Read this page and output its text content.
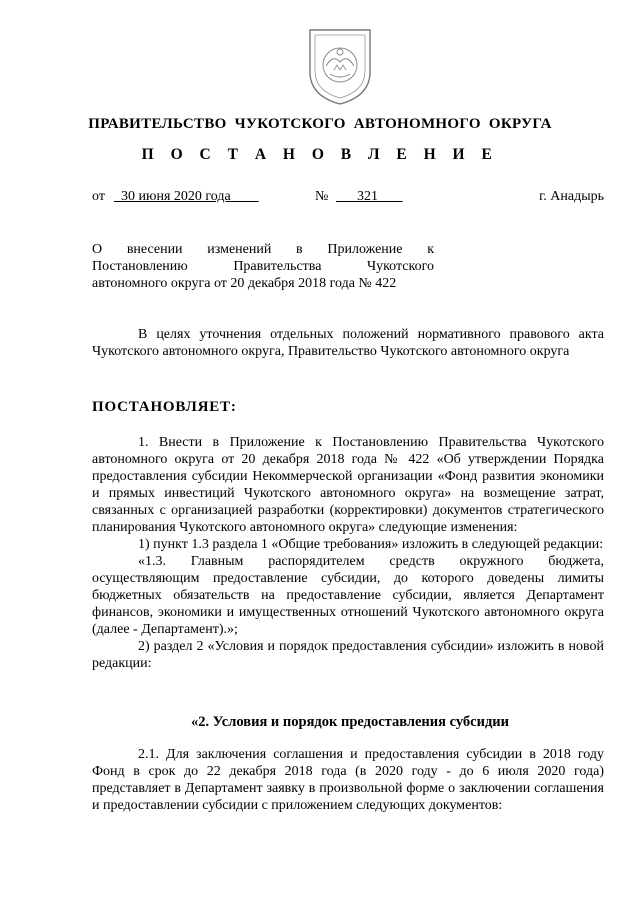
ПРАВИТЕЛЬСТВО ЧУКОТСКОГО АВТОНОМНОГО ОКРУГА
П О С Т А Н О В Л Е Н И Е
от	30 июня 2020 года	№	321	г. Анадырь
О внесении изменений в Приложение к
Постановлению Правительства Чукотского
автономного округа от 20 декабря 2018 года № 422

В целях уточнения отдельных положений нормативного правового акта Чукотского автономного округа, Правительство Чукотского автономного округа

ПОСТАНОВЛЯЕТ:

1. Внести в Приложение к Постановлению Правительства Чукотского автономного округа от 20 декабря 2018 года № 422 «Об утверждении Порядка предоставления субсидии Некоммерческой организации «Фонд развития экономики и прямых инвестиций Чукотского автономного округа» на возмещение затрат, связанных с организацией разработки (корректировки) документов стратегического планирования Чукотского автономного округа» следующие изменения:

1) пункт 1.3 раздела 1 «Общие требования» изложить в следующей редакции:

«1.3. Главным распорядителем средств окружного бюджета, осуществляющим предоставление субсидии, до которого доведены лимиты бюджетных обязательств на предоставление субсидии, является Департамент финансов, экономики и имущественных отношений Чукотского автономного округа (далее - Департамент).»;

2) раздел 2 «Условия и порядок предоставления субсидии» изложить в новой редакции:

«2. Условия и порядок предоставления субсидии

2.1. Для заключения соглашения и предоставления субсидии в 2018 году Фонд в срок до 22 декабря 2018 года (в 2020 году - до 6 июля 2020 года) представляет в Департамент заявку в произвольной форме о заключении соглашения и предоставлении субсидии с приложением следующих документов:
